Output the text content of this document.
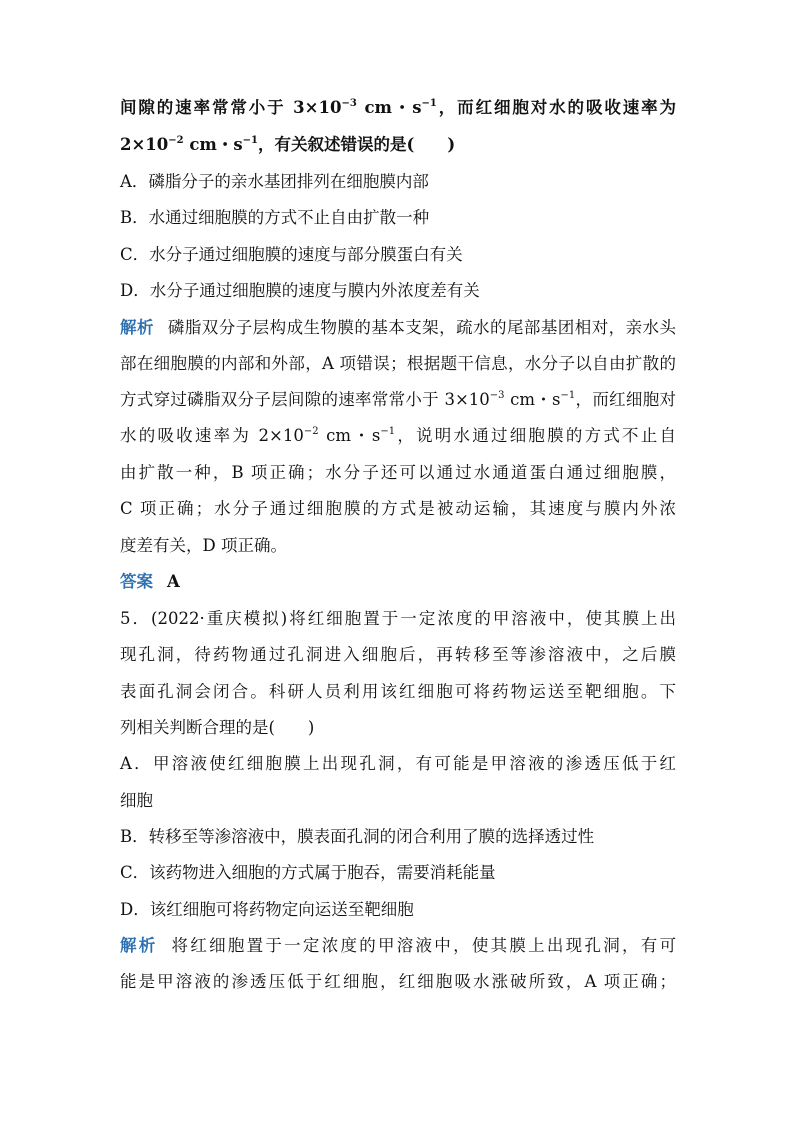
间隙的速率常常小于 $3\times 10^{-3}$ cm・$s^{-1}$，而红细胞对水的吸收速率为
$2\times 10^{-2}$ cm・$s^{-1}$，有关叙述错误的是(　　)
A．磷脂分子的亲水基团排列在细胞膜内部
B．水通过细胞膜的方式不止自由扩散一种
C．水分子通过细胞膜的速度与部分膜蛋白有关
D．水分子通过细胞膜的速度与膜内外浓度差有关
解析 磷脂双分子层构成生物膜的基本支架，疏水的尾部基团相对，亲水头
部在细胞膜的内部和外部，A 项错误；根据题干信息，水分子以自由扩散的
方式穿过磷脂双分子层间隙的速率常常小于 $3\times 10^{-3}$ cm・$s^{-1}$，而红细胞对
水的吸收速率为 $2\times 10^{-2}$ cm・$s^{-1}$，说明水通过细胞膜的方式不止自
由扩散一种，B 项正确；水分子还可以通过水通道蛋白通过细胞膜，
C 项正确；水分子通过细胞膜的方式是被动运输，其速度与膜内外浓
度差有关，D 项正确。
答案 A
5．(2022·重庆模拟)将红细胞置于一定浓度的甲溶液中，使其膜上出
现孔洞，待药物通过孔洞进入细胞后，再转移至等渗溶液中，之后膜
表面孔洞会闭合。科研人员利用该红细胞可将药物运送至靶细胞。下
列相关判断合理的是(　　)
A．甲溶液使红细胞膜上出现孔洞，有可能是甲溶液的渗透压低于红
细胞
B．转移至等渗溶液中，膜表面孔洞的闭合利用了膜的选择透过性
C．该药物进入细胞的方式属于胞吞，需要消耗能量
D．该红细胞可将药物定向运送至靶细胞
解析 将红细胞置于一定浓度的甲溶液中，使其膜上出现孔洞，有可
能是甲溶液的渗透压低于红细胞，红细胞吸水涨破所致，A 项正确；
